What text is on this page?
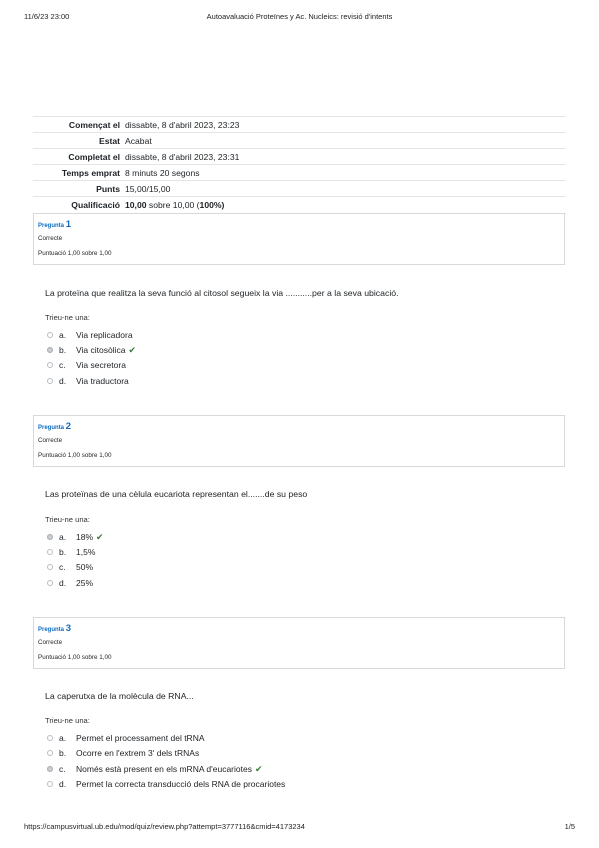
11/6/23 23:00	Autoavaluació Proteïnes y Ac. Nucleics: revisió d'intents
Començat el	dissabte, 8 d'abril 2023, 23:23
Estat	Acabat
Completat el	dissabte, 8 d'abril 2023, 23:31
Temps emprat	8 minuts 20 segons
Punts	15,00/15,00
Qualificació	10,00 sobre 10,00 (100%)
Pregunta 1
Correcte
Puntuació 1,00 sobre 1,00
La proteïna que realitza la seva funció al citosol segueix la via ...........per a la seva ubicació.
Trieu-ne una:
a. Via replicadora
b. Via citosòlica ✔
c. Via secretora
d. Via traductora
Pregunta 2
Correcte
Puntuació 1,00 sobre 1,00
Las proteïnas de una cèlula eucariota representan el.......de su peso
Trieu-ne una:
a. 18% ✔
b. 1,5%
c. 50%
d. 25%
Pregunta 3
Correcte
Puntuació 1,00 sobre 1,00
La caperutxa de la molècula de RNA...
Trieu-ne una:
a. Permet el processament del tRNA
b. Ocorre en l'extrem 3' dels tRNAs
c. Només està present en els mRNA d'eucariotes ✔
d. Permet la correcta transducció dels RNA de procariotes
https://campusvirtual.ub.edu/mod/quiz/review.php?attempt=3777116&cmid=4173234	1/5
